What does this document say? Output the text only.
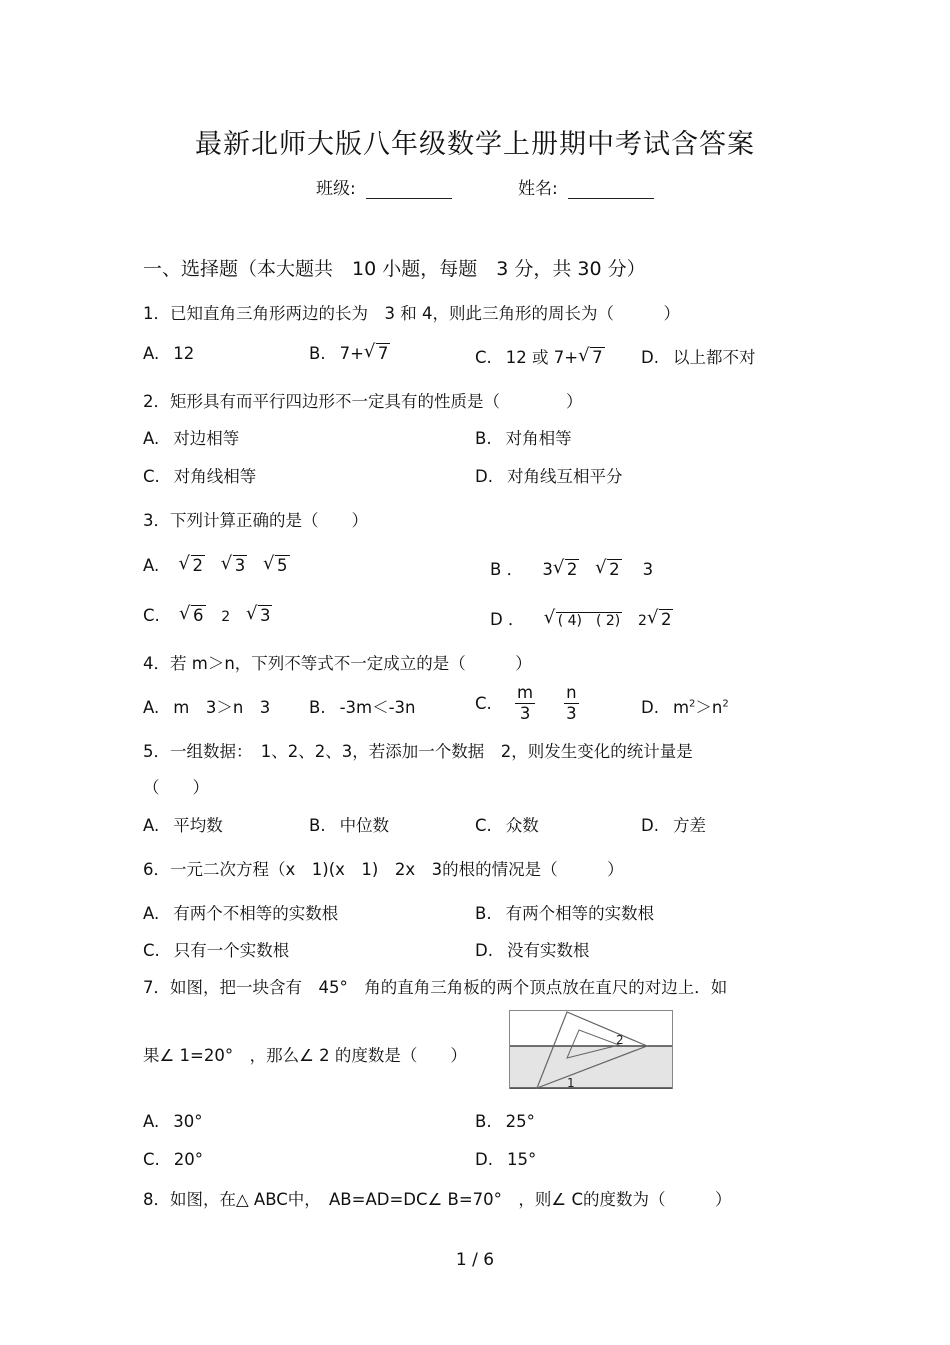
最新北师大版八年级数学上册期中考试含答案
班级:	姓名:
一、选择题（本大题共　10 小题，每题　3 分，共 30 分）
1．已知直角三角形两边的长为　3 和 4，则此三角形的周长为（　　　）
A. 12	B. 7+ √ 7	C. 12 或 7+ √ 7 D. 以上都不对
2．矩形具有而平行四边形不一定具有的性质是（　　　　）
A. 对边相等	B. 对角相等
C. 对角线相等	D. 对角线互相平分
3．下列计算正确的是（　　）
A. √ 2 √ 3 √ 5	B ． 3 √ 2 √ 2 3
C. √ 6 2 √ 3	D ． √ ( 4)　( 2) 2 √ 2
4．若 m＞n，下列不等式不一定成立的是（　　　）
A. m　3＞n　3 B. -3m＜-3n	C. $\frac{m}{3}$
$\frac{n}{3}$	D. $m^2>n^2$
5．一组数据：　1、2、2、3，若添加一个数据　2，则发生变化的统计量是
（　　）
A. 平均数	B. 中位数	C. 众数	D. 方差
6．一元二次方程（x　1)(x　1)　2x　3的根的情况是（　　　）
A. 有两个不相等的实数根	B. 有两个相等的实数根
C. 只有一个实数根	D. 没有实数根
7．如图，把一块含有　45°　角的直角三角板的两个顶点放在直尺的对边上．如
果∠ 1=20°　，那么∠ 2 的度数是（　　）
1
2
A. 30°	B. 25°
C. 20°	D. 15°
8．如图，在△ ABC中，　AB=AD=DC∠ B=70°　，则∠ C的度数为（　　　）
1 / 6
